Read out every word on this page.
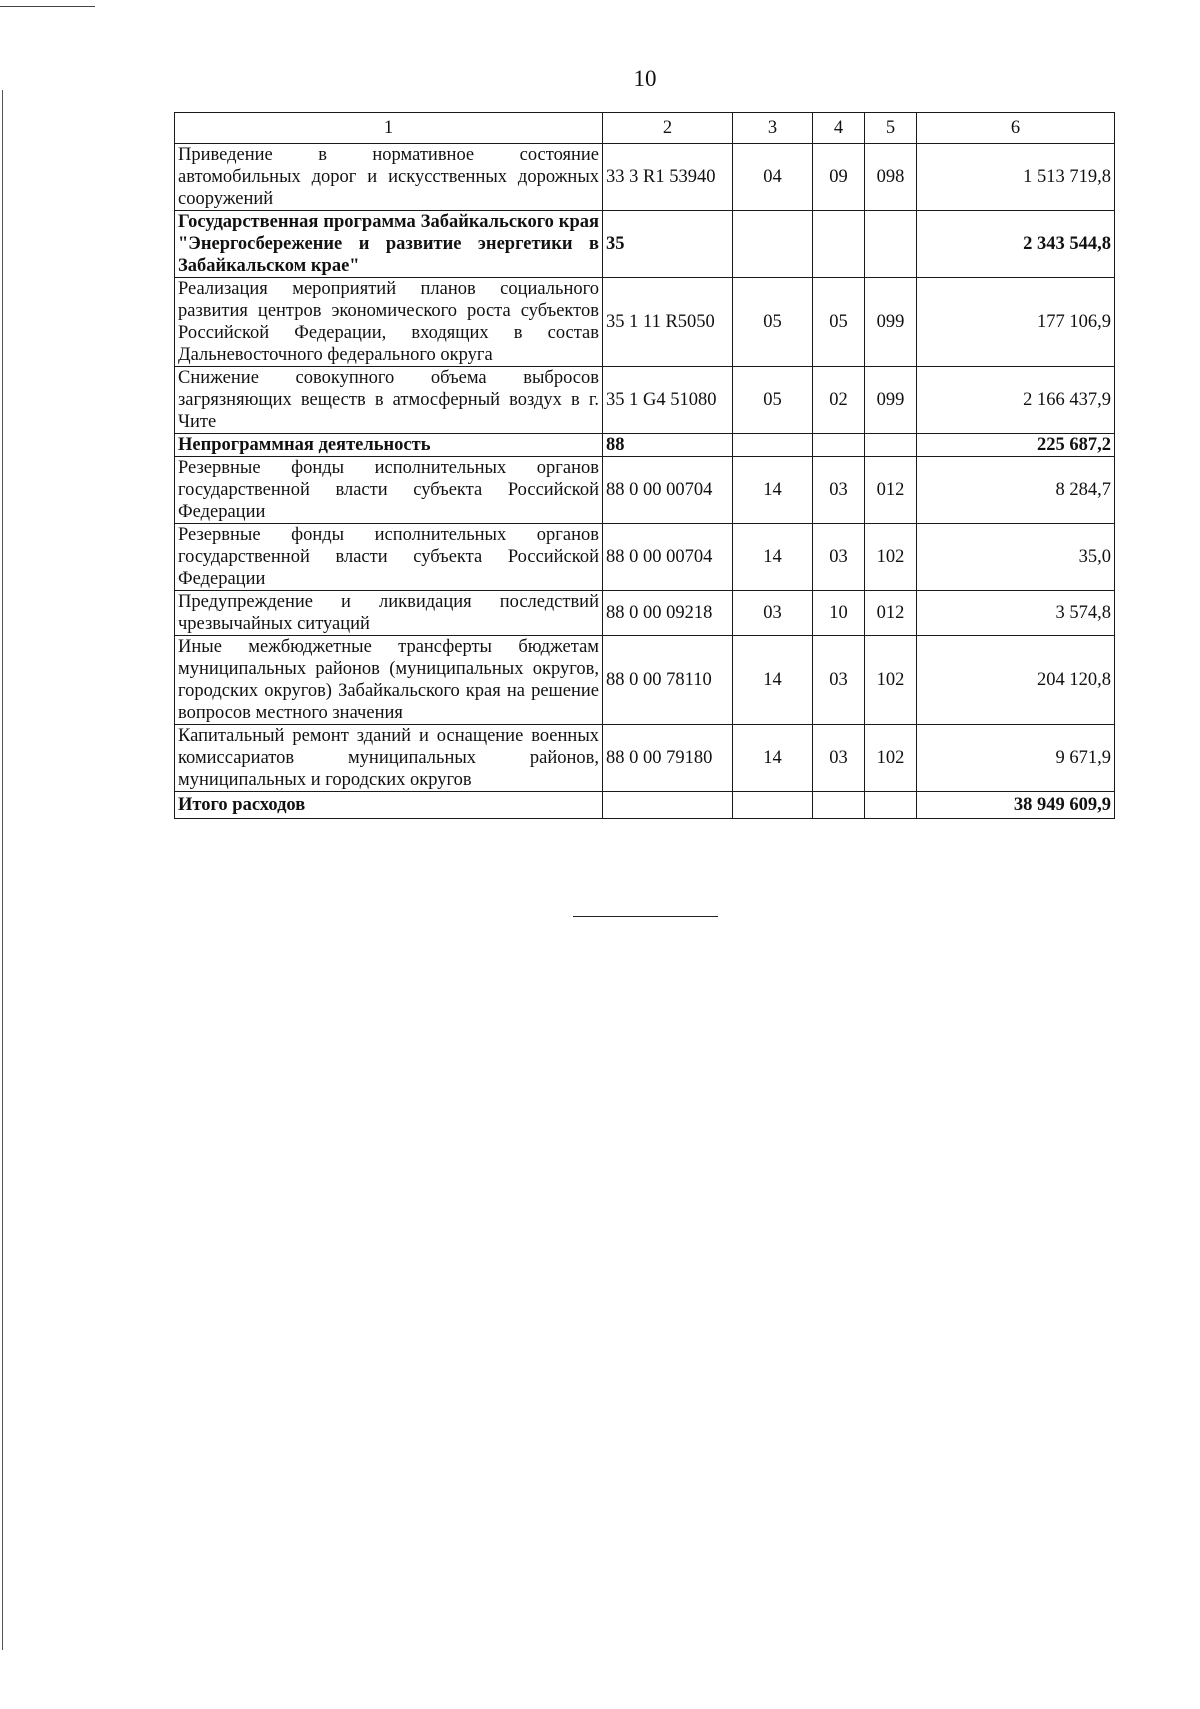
10
1	2	3	4	5	6
Приведение в нормативное состояние автомобильных дорог и искусственных дорожных сооружений	33 3 R1 53940	04	09	098	1 513 719,8
Государственная программа Забайкальского края "Энергосбережение и развитие энергетики в Забайкальском крае"	35				2 343 544,8
Реализация мероприятий планов социального развития центров экономического роста субъектов Российской Федерации, входящих в состав Дальневосточного федерального округа	35 1 11 R5050	05	05	099	177 106,9
Снижение совокупного объема выбросов загрязняющих веществ в атмосферный воздух в г. Чите	35 1 G4 51080	05	02	099	2 166 437,9
Непрограммная деятельность	88				225 687,2
Резервные фонды исполнительных органов государственной власти субъекта Российской Федерации	88 0 00 00704	14	03	012	8 284,7
Резервные фонды исполнительных органов государственной власти субъекта Российской Федерации	88 0 00 00704	14	03	102	35,0
Предупреждение и ликвидация последствий чрезвычайных ситуаций	88 0 00 09218	03	10	012	3 574,8
Иные межбюджетные трансферты бюджетам муниципальных районов (муниципальных округов, городских округов) Забайкальского края на решение вопросов местного значения	88 0 00 78110	14	03	102	204 120,8
Капитальный ремонт зданий и оснащение военных комиссариатов муниципальных районов, муниципальных и городских округов	88 0 00 79180	14	03	102	9 671,9
Итого расходов					38 949 609,9
